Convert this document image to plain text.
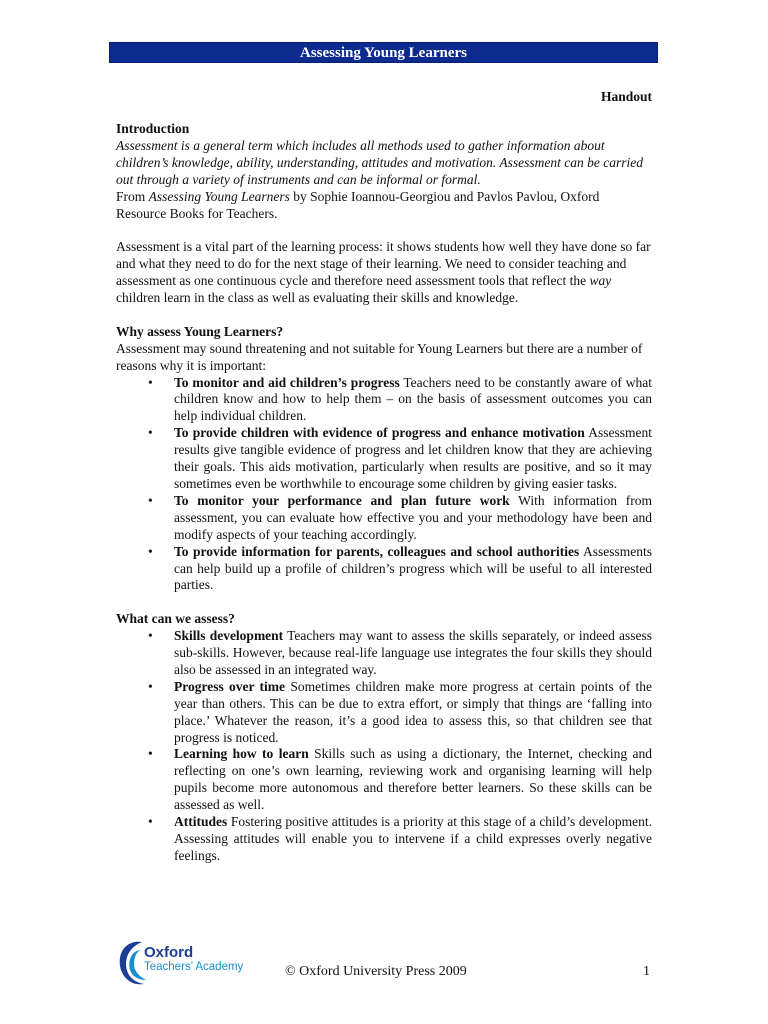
Assessing Young Learners
Handout

Introduction

Assessment is a general term which includes all methods used to gather information about children’s knowledge, ability, understanding, attitudes and motivation. Assessment can be carried out through a variety of instruments and can be informal or formal.

From Assessing Young Learners by Sophie Ioannou-Georgiou and Pavlos Pavlou, Oxford Resource Books for Teachers.

Assessment is a vital part of the learning process: it shows students how well they have done so far and what they need to do for the next stage of their learning. We need to consider teaching and assessment as one continuous cycle and therefore need assessment tools that reflect the way children learn in the class as well as evaluating their skills and knowledge.

Why assess Young Learners?

Assessment may sound threatening and not suitable for Young Learners but there are a number of reasons why it is important:

• To monitor and aid children’s progress Teachers need to be constantly aware of what children know and how to help them – on the basis of assessment outcomes you can help individual children.
• To provide children with evidence of progress and enhance motivation Assessment results give tangible evidence of progress and let children know that they are achieving their goals. This aids motivation, particularly when results are positive, and so it may sometimes even be worthwhile to encourage some children by giving easier tasks.
• To monitor your performance and plan future work With information from assessment, you can evaluate how effective you and your methodology have been and modify aspects of your teaching accordingly.
• To provide information for parents, colleagues and school authorities Assessments can help build up a profile of children’s progress which will be useful to all interested parties.

What can we assess?

• Skills development Teachers may want to assess the skills separately, or indeed assess sub-skills. However, because real-life language use integrates the four skills they should also be assessed in an integrated way.
• Progress over time Sometimes children make more progress at certain points of the year than others. This can be due to extra effort, or simply that things are ‘falling into place.’ Whatever the reason, it’s a good idea to assess this, so that children see that progress is noticed.
• Learning how to learn Skills such as using a dictionary, the Internet, checking and reflecting on one’s own learning, reviewing work and organising learning will help pupils become more autonomous and therefore better learners. So these skills can be assessed as well.
• Attitudes Fostering positive attitudes is a priority at this stage of a child’s development. Assessing attitudes will enable you to intervene if a child expresses overly negative feelings.
Oxford
Teachers’ Academy	© Oxford University Press 2009	1
